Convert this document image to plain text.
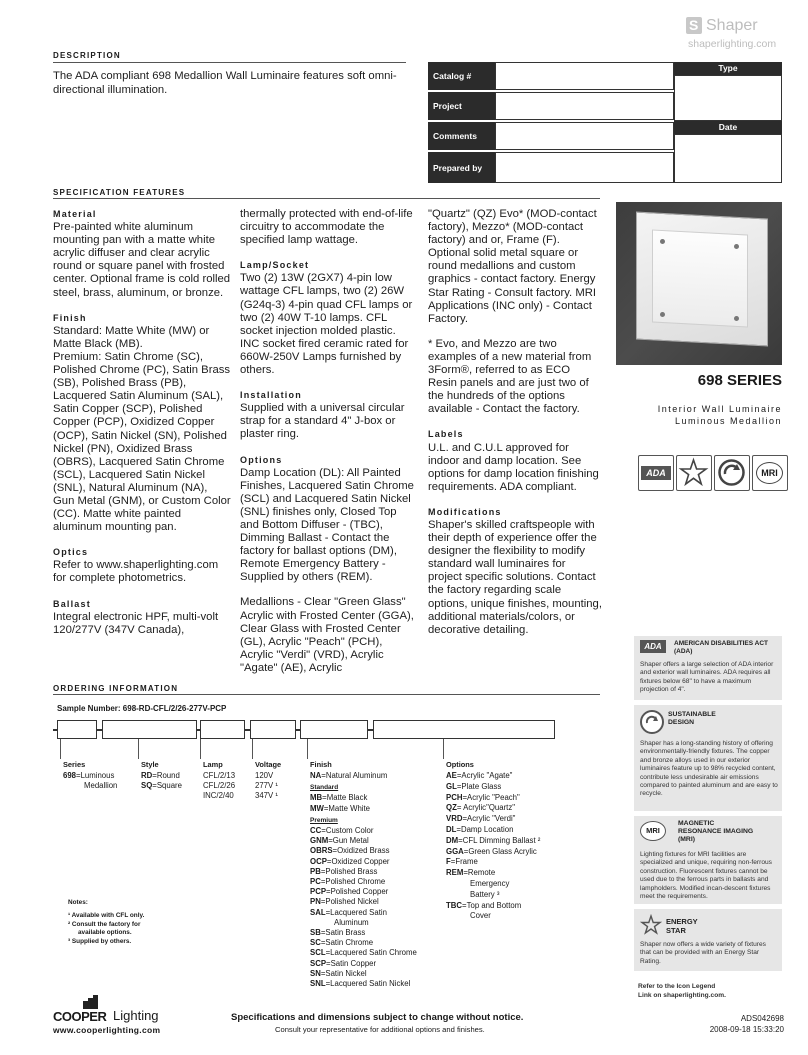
S Shaper
shaperlighting.com
DESCRIPTION
The ADA compliant 698 Medallion Wall Luminaire features soft omni-directional illumination.
Catalog #
Project
Comments
Prepared by
Type
Date
SPECIFICATION FEATURES
Material
Pre-painted white aluminum mounting pan with a matte white acrylic diffuser and clear acrylic round or square panel with frosted center. Optional frame is cold rolled steel, brass, aluminum, or bronze.
Finish
Standard: Matte White (MW) or Matte Black (MB).
Premium: Satin Chrome (SC), Polished Chrome (PC), Satin Brass (SB), Polished Brass (PB), Lacquered Satin Aluminum (SAL), Satin Copper (SCP), Polished Copper (PCP), Oxidized Copper (OCP), Satin Nickel (SN), Polished Nickel (PN), Oxidized Brass (OBRS), Lacquered Satin Chrome (SCL), Lacquered Satin Nickel (SNL), Natural Aluminum (NA), Gun Metal (GNM), or Custom Color (CC). Matte white painted aluminum mounting pan.
Optics
Refer to www.shaperlighting.com for complete photometrics.
Ballast
Integral electronic HPF, multi-volt 120/277V (347V Canada),
thermally protected with end-of-life circuitry to accommodate the specified lamp wattage.
Lamp/Socket
Two (2) 13W (2GX7) 4-pin low wattage CFL lamps, two (2) 26W (G24q-3) 4-pin quad CFL lamps or two (2) 40W T-10 lamps. CFL socket injection molded plastic. INC socket fired ceramic rated for 660W-250V Lamps furnished by others.
Installation
Supplied with a universal circular strap for a standard 4" J-box or plaster ring.
Options
Damp Location (DL): All Painted Finishes, Lacquered Satin Chrome (SCL) and Lacquered Satin Nickel (SNL) finishes only, Closed Top and Bottom Diffuser - (TBC), Dimming Ballast - Contact the factory for ballast options (DM), Remote Emergency Battery - Supplied by others (REM).
Medallions - Clear "Green Glass" Acrylic with Frosted Center (GGA), Clear Glass with Frosted Center (GL), Acrylic "Peach" (PCH), Acrylic "Verdi" (VRD), Acrylic "Agate" (AE), Acrylic
"Quartz" (QZ) Evo* (MOD-contact factory), Mezzo* (MOD-contact factory) and or, Frame (F). Optional solid metal square or round medallions and custom graphics - contact factory. Energy Star Rating - Consult factory. MRI Applications (INC only) - Contact Factory.
* Evo, and Mezzo are two examples of a new material from 3Form®, referred to as ECO Resin panels and are just two of the hundreds of the options available - Contact the factory.
Labels
U.L. and C.U.L approved for indoor and damp location. See options for damp location finishing requirements. ADA compliant.
Modifications
Shaper's skilled craftspeople with their depth of experience offer the designer the flexibility to modify standard wall luminaires for project specific solutions. Contact the factory regarding scale options, unique finishes, mounting, additional materials/colors, or decorative detailing.
698 SERIES
Interior Wall Luminaire
Luminous Medallion
ADA	MRI
ADA	AMERICAN DISABILITIES ACT (ADA)
Shaper offers a large selection of ADA interior and exterior wall luminaires. ADA requires all fixtures below 68" to have a maximum projection of 4".
SUSTAINABLE DESIGN
Shaper has a long-standing history of offering environmentally-friendly fixtures. The copper and bronze alloys used in our exterior luminaires feature up to 98% recycled content, contribute less undesirable air emissions compared to painted aluminum and are easy to recycle.
MRI
MAGNETIC RESONANCE IMAGING (MRI)
Lighting fixtures for MRI facilities are specialized and unique, requiring non-ferrous construction. Fluorescent fixtures cannot be used due to the ferrous parts in ballasts and lampholders. Modified incan-descent fixtures meet the requirements.
ENERGY STAR
Shaper now offers a wide variety of fixtures that can be provided with an Energy Star Rating.
Refer to the Icon Legend
Link on shaperlighting.com.
ORDERING INFORMATION
Sample Number: 698-RD-CFL/2/26-277V-PCP
Series
698=Luminous
Medallion
Style
RD=Round
SQ=Square
Lamp
CFL/2/13
CFL/2/26
INC/2/40
Voltage
120V
277V ¹
347V ¹
Finish
NA=Natural Aluminum
Standard
MB=Matte Black
MW=Matte White
Premium
CC=Custom Color
GNM=Gun Metal
OBRS=Oxidized Brass
OCP=Oxidized Copper
PB=Polished Brass
PC=Polished Chrome
PCP=Polished Copper
PN=Polished Nickel
SAL=Lacquered Satin
Aluminum
SB=Satin Brass
SC=Satin Chrome
SCL=Lacquered Satin Chrome
SCP=Satin Copper
SN=Satin Nickel
SNL=Lacquered Satin Nickel
Options
AE=Acrylic "Agate"
GL=Plate Glass
PCH=Acrylic "Peach"
QZ= Acrylic"Quartz"
VRD=Acrylic "Verdi"
DL=Damp Location
DM=CFL Dimming Ballast ²
GGA=Green Glass Acrylic
F=Frame
REM=Remote
Emergency
Battery ³
TBC=Top and Bottom
Cover
Notes:
¹ Available with CFL only.
² Consult the factory for
available options.
³ Supplied by others.
COOPER Lighting
www.cooperlighting.com
Specifications and dimensions subject to change without notice.
Consult your representative for additional options and finishes.
ADS042698
2008-09-18 15:33:20
